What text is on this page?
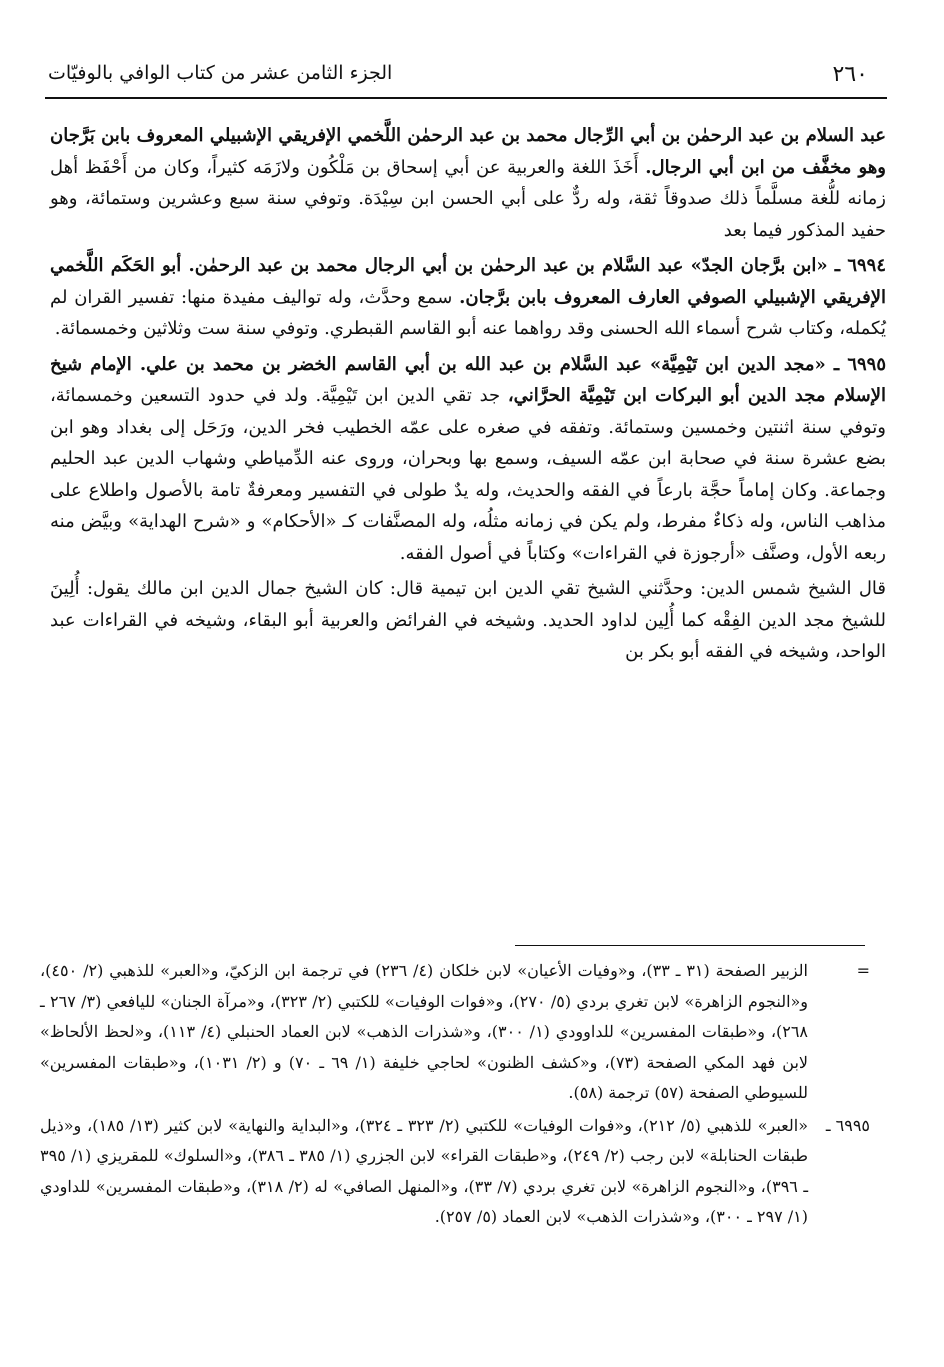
٢٦٠
الجزء الثامن عشر من كتاب الوافي بالوفيّات

عبد السلام بن عبد الرحمٰن بن أبي الرِّجال محمد بن عبد الرحمٰن اللَّخمي الإفريقي الإشبيلي المعروف بابن بَرَّجان وهو مخفَّف من ابن أبي الرجال. أَخَذَ اللغة والعربية عن أبي إسحاق بن مَلْكُون ولازَمَه كثيراً، وكان من أَحْفَظ أهل زمانه للُّغة مسلَّماً ذلك صدوقاً ثقة، وله ردٌّ على أبي الحسن ابن سِيْدَة. وتوفي سنة سبع وعشرين وستمائة، وهو حفيد المذكور فيما بعد

٦٩٩٤ ـ «ابن برَّجان الجدّ» عبد السَّلام بن عبد الرحمٰن بن أبي الرجال محمد بن عبد الرحمٰن. أبو الحَكَم اللَّخمي الإفريقي الإشبيلي الصوفي العارف المعروف بابن برَّجان. سمع وحدَّث، وله تواليف مفيدة منها: تفسير القران لم يُكمله، وكتاب شرح أسماء الله الحسنى وقد رواهما عنه أبو القاسم القبطري. وتوفي سنة ست وثلاثين وخمسمائة.

٦٩٩٥ ـ «مجد الدين ابن تَيْمِيَّة» عبد السَّلام بن عبد الله بن أبي القاسم الخضر بن محمد بن علي. الإمام شيخ الإسلام مجد الدين أبو البركات ابن تَيْمِيَّة الحرَّاني، جد تقي الدين ابن تَيْمِيَّة. ولد في حدود التسعين وخمسمائة، وتوفي سنة اثنتين وخمسين وستمائة. وتفقه في صغره على عمّه الخطيب فخر الدين، ورَحَل إلى بغداد وهو ابن بضع عشرة سنة في صحابة ابن عمّه السيف، وسمع بها وبحران، وروى عنه الدِّمياطي وشهاب الدين عبد الحليم وجماعة. وكان إماماً حجَّة بارعاً في الفقه والحديث، وله يدٌ طولى في التفسير ومعرفةٌ تامة بالأصول واطلاع على مذاهب الناس، وله ذكاءٌ مفرط، ولم يكن في زمانه مثلُه، وله المصنَّفات كـ «الأحكام» و «شرح الهداية» وبيَّض منه ربعه الأول، وصنَّف «أرجوزة في القراءات» وكتاباً في أصول الفقه.

قال الشيخ شمس الدين: وحدَّثني الشيخ تقي الدين ابن تيمية قال: كان الشيخ جمال الدين ابن مالك يقول: أُلِينَ للشيخ مجد الدين الفِقْه كما أُلِين لداود الحديد. وشيخه في الفرائض والعربية أبو البقاء، وشيخه في القراءات عبد الواحد، وشيخه في الفقه أبو بكر بن

=
الزبير الصفحة (٣١ ـ ٣٣)، و«وفيات الأعيان» لابن خلكان (٤/ ٢٣٦) في ترجمة ابن الزكيّ، و«العبر» للذهبي (٢/ ٤٥٠)، و«النجوم الزاهرة» لابن تغري بردي (٥/ ٢٧٠)، و«فوات الوفيات» للكتبي (٢/ ٣٢٣)، و«مرآة الجنان» لليافعي (٣/ ٢٦٧ ـ ٢٦٨)، و«طبقات المفسرين» للداوودي (١/ ٣٠٠)، و«شذرات الذهب» لابن العماد الحنبلي (٤/ ١١٣)، و«لحظ الألحاظ» لابن فهد المكي الصفحة (٧٣)، و«كشف الظنون» لحاجي خليفة (١/ ٦٩ ـ ٧٠) و (٢/ ١٠٣١)، و«طبقات المفسرين» للسيوطي الصفحة (٥٧) ترجمة (٥٨).
٦٩٩٥ ـ
«العبر» للذهبي (٥/ ٢١٢)، و«فوات الوفيات» للكتبي (٢/ ٣٢٣ ـ ٣٢٤)، و«البداية والنهاية» لابن كثير (١٣/ ١٨٥)، و«ذيل طبقات الحنابلة» لابن رجب (٢/ ٢٤٩)، و«طبقات القراء» لابن الجزري (١/ ٣٨٥ ـ ٣٨٦)، و«السلوك» للمقريزي (١/ ٣٩٥ ـ ٣٩٦)، و«النجوم الزاهرة» لابن تغري بردي (٧/ ٣٣)، و«المنهل الصافي» له (٢/ ٣١٨)، و«طبقات المفسرين» للداودي (١/ ٢٩٧ ـ ٣٠٠)، و«شذرات الذهب» لابن العماد (٥/ ٢٥٧).
